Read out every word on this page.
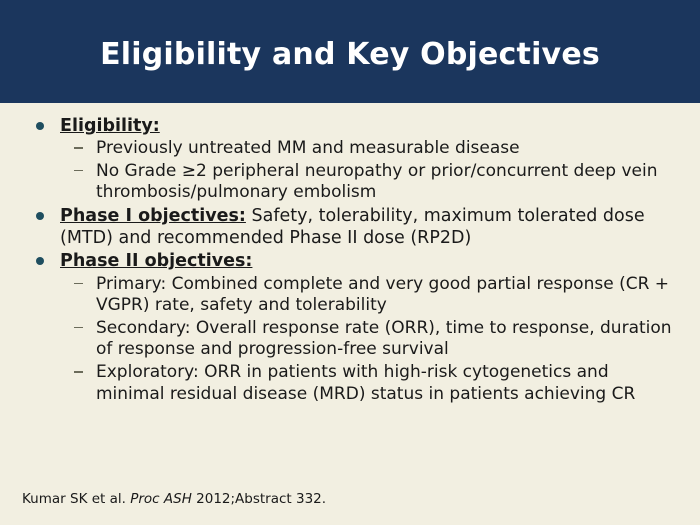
Eligibility and Key Objectives
Eligibility:
Previously untreated MM and measurable disease
No Grade ≥2 peripheral neuropathy or prior/concurrent deep vein thrombosis/pulmonary embolism
Phase I objectives: Safety, tolerability, maximum tolerated dose (MTD) and recommended Phase II dose (RP2D)
Phase II objectives:
Primary: Combined complete and very good partial response (CR + VGPR) rate, safety and tolerability
Secondary: Overall response rate (ORR), time to response, duration of response and progression-free survival
Exploratory: ORR in patients with high-risk cytogenetics and minimal residual disease (MRD) status in patients achieving CR
Kumar SK et al. Proc ASH 2012;Abstract 332.
